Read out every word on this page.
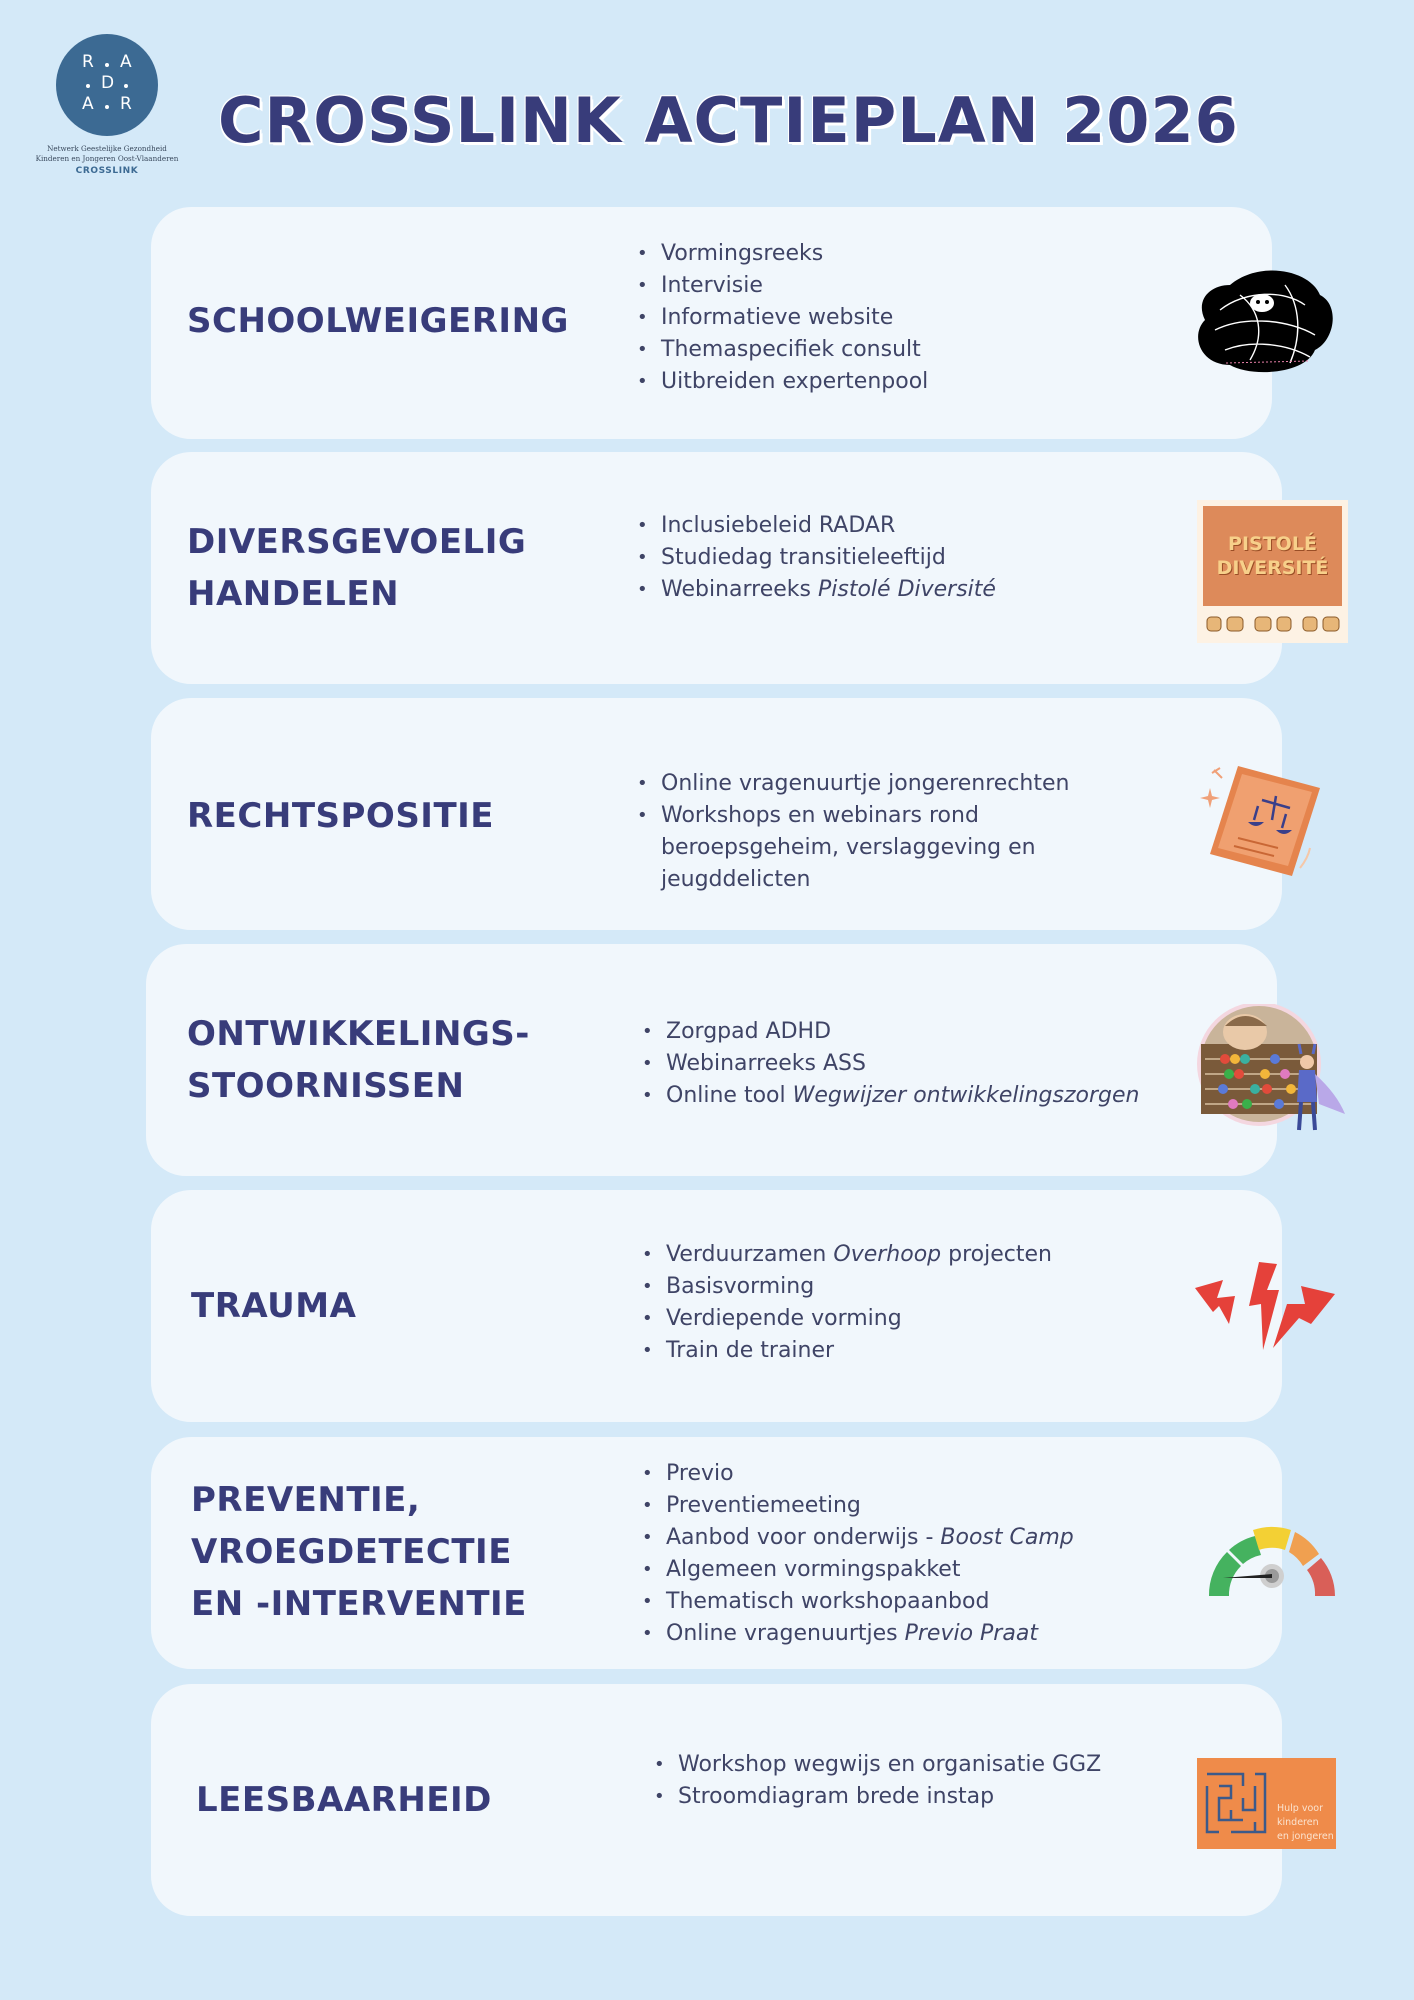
R A
D
A R
Netwerk Geestelijke Gezondheid
Kinderen en Jongeren Oost-Vlaanderen
CROSSLINK
CROSSLINK ACTIEPLAN 2026
SCHOOLWEIGERING
• Vormingsreeks
• Intervisie
• Informatieve website
• Themaspecifiek consult
• Uitbreiden expertenpool
DIVERSGEVOELIG
HANDELEN
• Inclusiebeleid RADAR
• Studiedag transitieleeftijd
• Webinarreeks Pistolé Diversité
PISTOLÉ
DIVERSITÉ
RECHTSPOSITIE
• Online vragenuurtje jongerenrechten
• Workshops en webinars rond beroepsgeheim, verslaggeving en jeugddelicten
ONTWIKKELINGS-
STOORNISSEN
• Zorgpad ADHD
• Webinarreeks ASS
• Online tool Wegwijzer ontwikkelingszorgen
TRAUMA
• Verduurzamen Overhoop projecten
• Basisvorming
• Verdiepende vorming
• Train de trainer
PREVENTIE,
VROEGDETECTIE
EN -INTERVENTIE
• Previo
• Preventiemeeting
• Aanbod voor onderwijs - Boost Camp
• Algemeen vormingspakket
• Thematisch workshopaanbod
• Online vragenuurtjes Previo Praat
LEESBAARHEID
• Workshop wegwijs en organisatie GGZ
• Stroomdiagram brede instap	Hulp voor
kinderen
en jongeren
